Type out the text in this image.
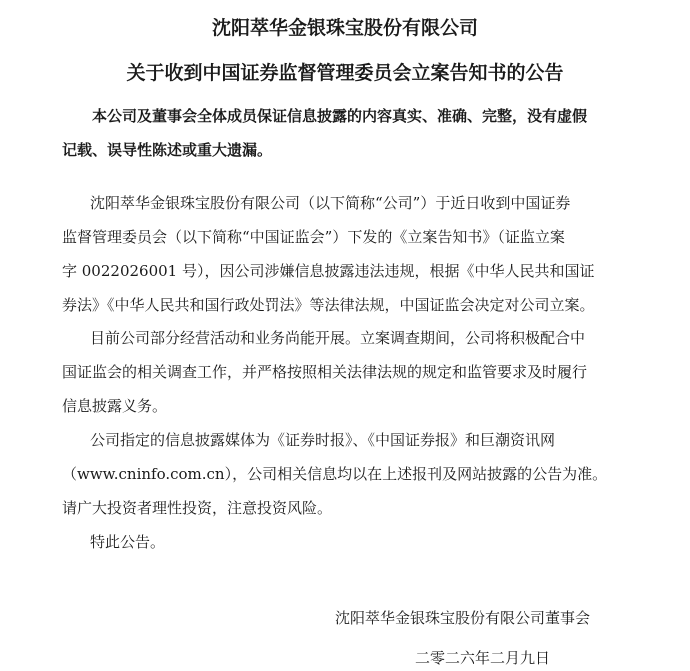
沈阳萃华金银珠宝股份有限公司
关于收到中国证券监督管理委员会立案告知书的公告
本公司及董事会全体成员保证信息披露的内容真实、准确、完整，没有虚假
记载、误导性陈述或重大遗漏。
沈阳萃华金银珠宝股份有限公司（以下简称“公司”）于近日收到中国证券
监督管理委员会（以下简称“中国证监会”）下发的《立案告知书》（证监立案
字 0022026001 号），因公司涉嫌信息披露违法违规，根据《中华人民共和国证
券法》《中华人民共和国行政处罚法》等法律法规，中国证监会决定对公司立案。
目前公司部分经营活动和业务尚能开展。立案调查期间，公司将积极配合中
国证监会的相关调查工作，并严格按照相关法律法规的规定和监管要求及时履行
信息披露义务。
公司指定的信息披露媒体为《证券时报》、《中国证券报》和巨潮资讯网
（www.cninfo.com.cn），公司相关信息均以在上述报刊及网站披露的公告为准。
请广大投资者理性投资，注意投资风险。
特此公告。
沈阳萃华金银珠宝股份有限公司董事会
二零二六年二月九日
